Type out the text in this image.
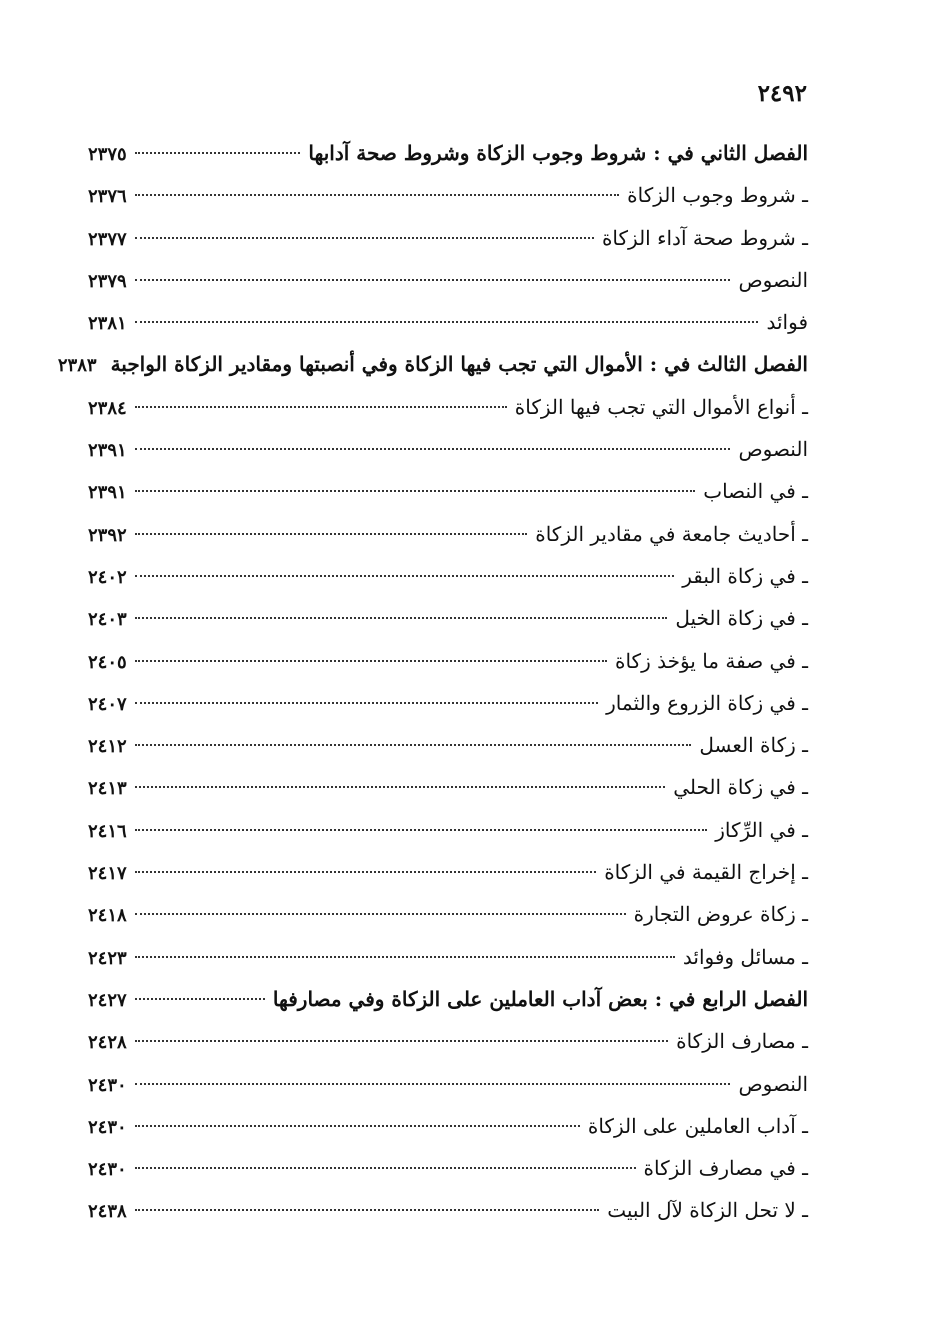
٢٤٩٢
الفصل الثاني في : شروط وجوب الزكاة وشروط صحة آدابها
٢٣٧٥
ـ شروط وجوب الزكاة
٢٣٧٦
ـ شروط صحة آداء الزكاة
٢٣٧٧
النصوص
٢٣٧٩
فوائد
٢٣٨١
الفصل الثالث في : الأموال التي تجب فيها الزكاة وفي أنصبتها ومقادير الزكاة الواجبة
٢٣٨٣
ـ أنواع الأموال التي تجب فيها الزكاة
٢٣٨٤
النصوص
٢٣٩١
ـ في النصاب
٢٣٩١
ـ أحاديث جامعة في مقادير الزكاة
٢٣٩٢
ـ في زكاة البقر
٢٤٠٢
ـ في زكاة الخيل
٢٤٠٣
ـ في صفة ما يؤخذ زكاة
٢٤٠٥
ـ في زكاة الزروع والثمار
٢٤٠٧
ـ زكاة العسل
٢٤١٢
ـ في زكاة الحلي
٢٤١٣
ـ في الرِّكاز
٢٤١٦
ـ إخراج القيمة في الزكاة
٢٤١٧
ـ زكاة عروض التجارة
٢٤١٨
ـ مسائل وفوائد
٢٤٢٣
الفصل الرابع في : بعض آداب العاملين على الزكاة وفي مصارفها
٢٤٢٧
ـ مصارف الزكاة
٢٤٢٨
النصوص
٢٤٣٠
ـ آداب العاملين على الزكاة
٢٤٣٠
ـ في مصارف الزكاة
٢٤٣٠
ـ لا تحل الزكاة لآل البيت
٢٤٣٨
